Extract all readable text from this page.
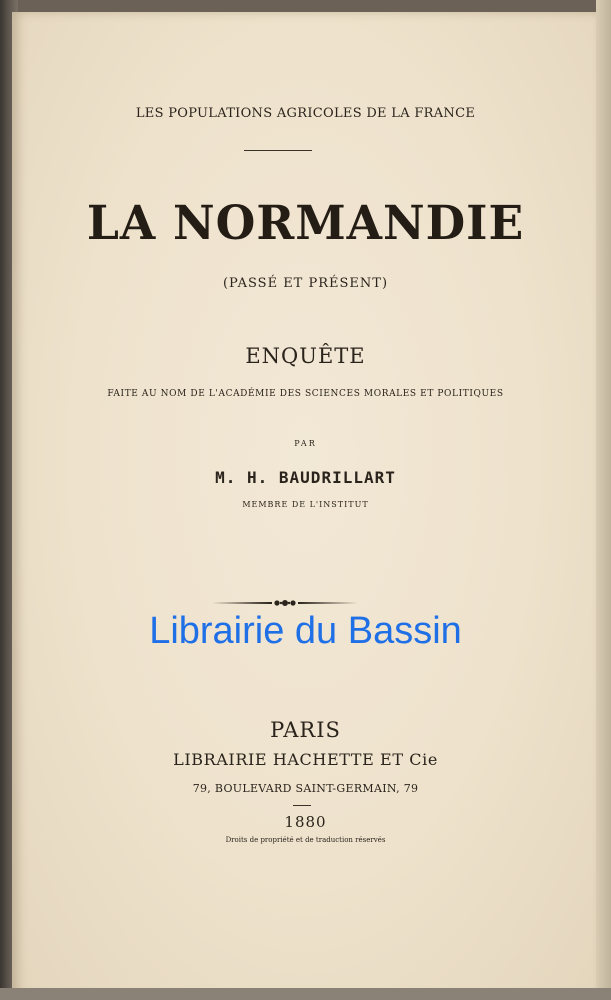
LES POPULATIONS AGRICOLES DE LA FRANCE
LA NORMANDIE
(PASSÉ ET PRÉSENT)
ENQUÊTE
FAITE AU NOM DE L'ACADÉMIE DES SCIENCES MORALES ET POLITIQUES
PAR
M. H. BAUDRILLART
MEMBRE DE L'INSTITUT
Librairie du Bassin
PARIS
LIBRAIRIE HACHETTE ET Cie
79, BOULEVARD SAINT-GERMAIN, 79
1880
Droits de propriété et de traduction réservés
